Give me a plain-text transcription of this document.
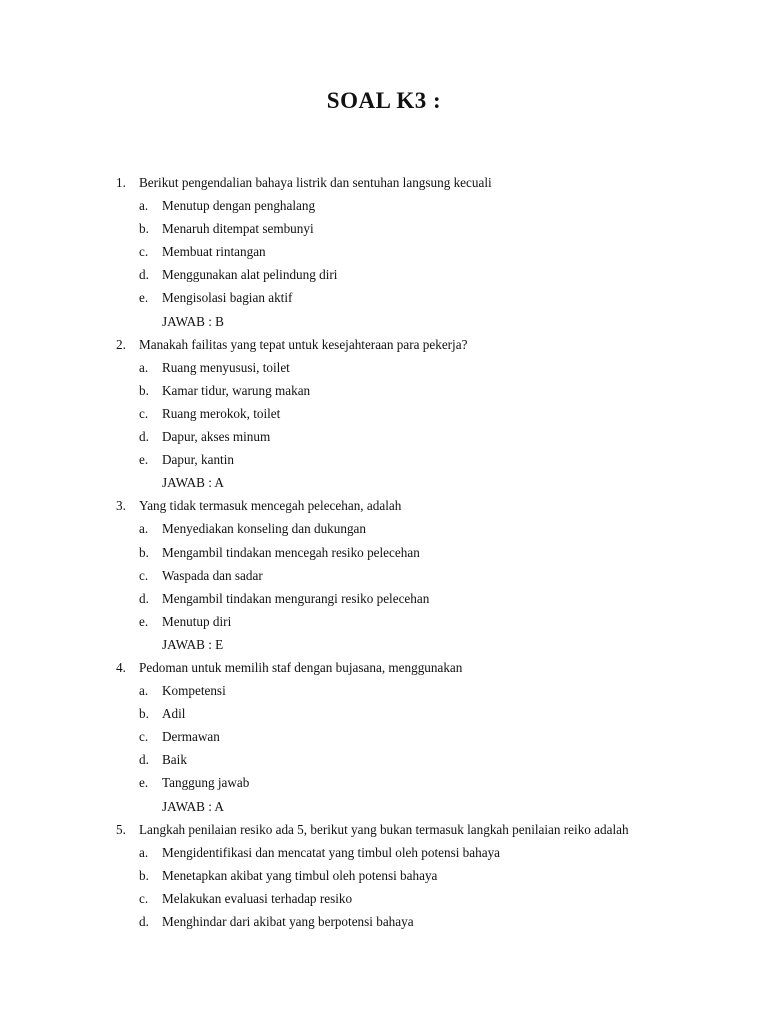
SOAL K3 :
1. Berikut pengendalian bahaya listrik dan sentuhan langsung kecuali
a. Menutup dengan penghalang
b. Menaruh ditempat sembunyi
c. Membuat rintangan
d. Menggunakan alat pelindung diri
e. Mengisolasi bagian aktif
JAWAB : B
2. Manakah failitas yang tepat untuk kesejahteraan para pekerja?
a. Ruang menyususi, toilet
b. Kamar tidur, warung makan
c. Ruang merokok, toilet
d. Dapur, akses minum
e. Dapur, kantin
JAWAB : A
3. Yang tidak termasuk mencegah pelecehan, adalah
a. Menyediakan konseling dan dukungan
b. Mengambil tindakan mencegah resiko pelecehan
c. Waspada dan sadar
d. Mengambil tindakan mengurangi resiko pelecehan
e. Menutup diri
JAWAB : E
4. Pedoman untuk memilih staf dengan bujasana, menggunakan
a. Kompetensi
b. Adil
c. Dermawan
d. Baik
e. Tanggung jawab
JAWAB : A
5. Langkah penilaian resiko ada 5, berikut yang bukan termasuk langkah penilaian reiko adalah
a. Mengidentifikasi dan mencatat yang timbul oleh potensi bahaya
b. Menetapkan akibat yang timbul oleh potensi bahaya
c. Melakukan evaluasi terhadap resiko
d. Menghindar dari akibat yang berpotensi bahaya
